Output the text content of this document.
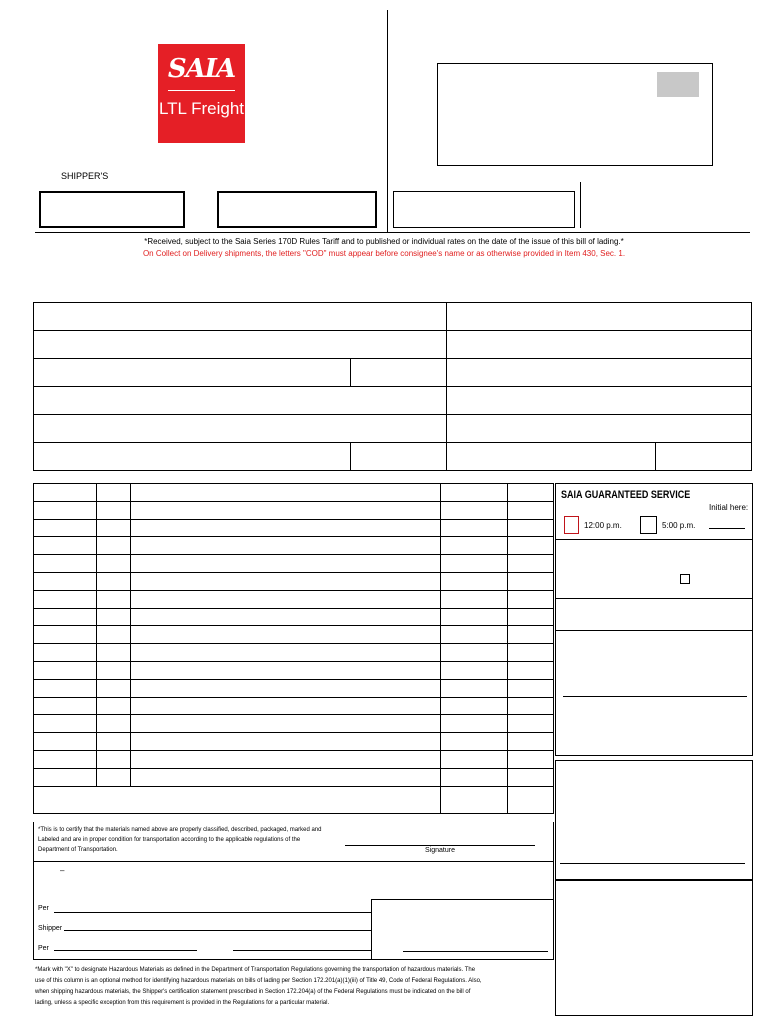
SAIA
LTL Freight
SHIPPER'S
*Received, subject to the Saia Series 170D Rules Tariff and to published or individual rates on the date of the issue of this bill of lading.*
On Collect on Delivery shipments, the letters "COD" must appear before consignee's name or as otherwise provided in Item 430, Sec. 1.

SAIA GUARANTEED SERVICE
Initial here:
12:00 p.m.	5:00 p.m.
*This is to certify that the materials named above are properly classified, described, packaged, marked and
Labeled and are in proper condition for transportation according to the applicable regulations of the
Department of Transportation.	Signature
–
Per
Shipper
Per
*Mark with "X" to designate Hazardous Materials as defined in the Department of Transportation Regulations governing the transportation of hazardous materials. The
use of this column is an optional method for identifying hazardous materials on bills of lading per Section 172.201(a)(1)(iii) of Title 49, Code of Federal Regulations. Also,
when shipping hazardous materials, the Shipper's certification statement prescribed in Section 172.204(a) of the Federal Regulations must be indicated on the bill of
lading, unless a specific exception from this requirement is provided in the Regulations for a particular material.
